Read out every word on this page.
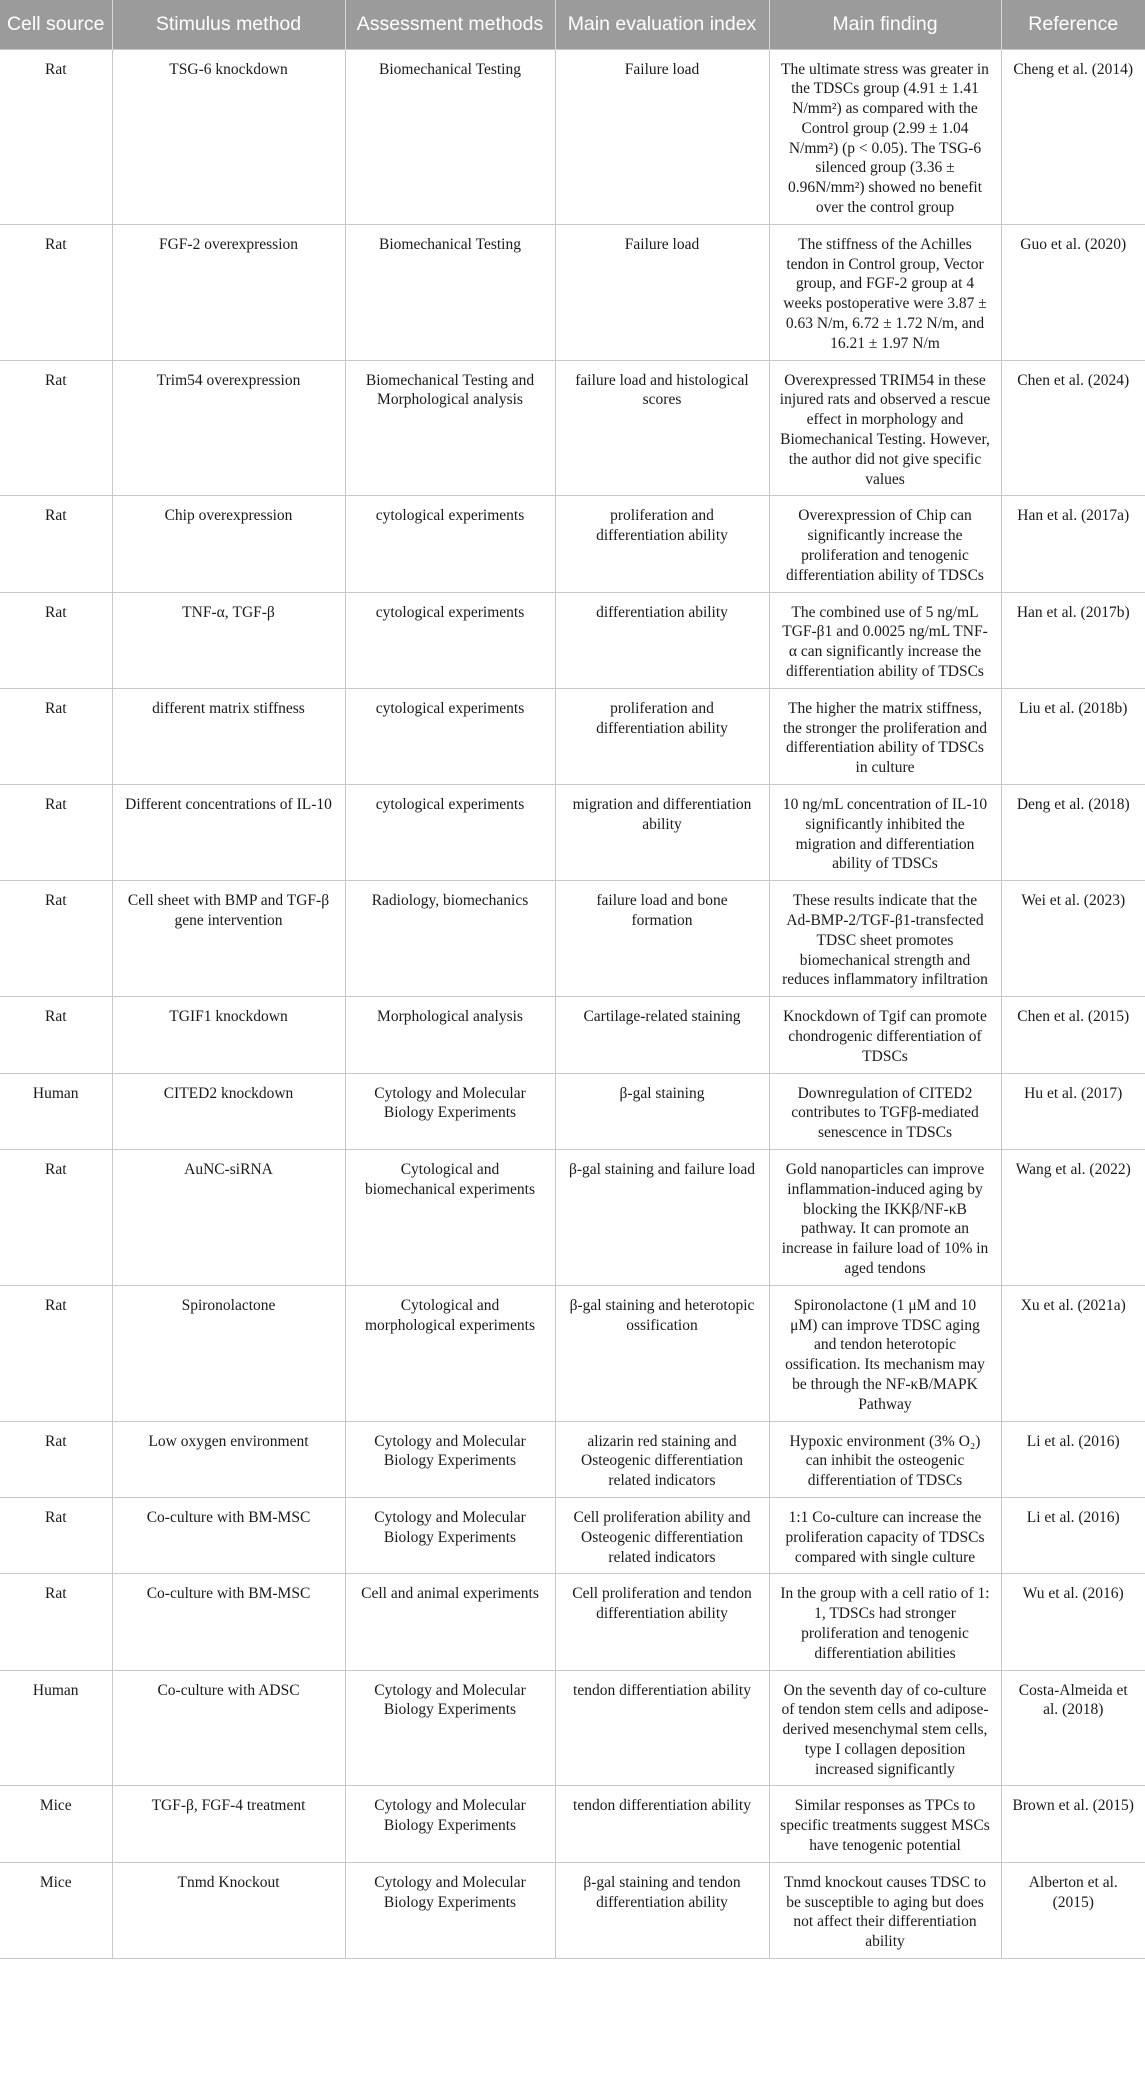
Cell source	Stimulus method	Assessment methods	Main evaluation index	Main finding	Reference
Rat	TSG-6 knockdown	Biomechanical Testing	Failure load	The ultimate stress was greater in the TDSCs group (4.91 ± 1.41 N/mm²) as compared with the Control group (2.99 ± 1.04 N/mm²) (p < 0.05). The TSG-6 silenced group (3.36 ± 0.96N/mm²) showed no benefit over the control group	Cheng et al. (2014)
Rat	FGF-2 overexpression	Biomechanical Testing	Failure load	The stiffness of the Achilles tendon in Control group, Vector group, and FGF-2 group at 4 weeks postoperative were 3.87 ± 0.63 N/m, 6.72 ± 1.72 N/m, and 16.21 ± 1.97 N/m	Guo et al. (2020)
Rat	Trim54 overexpression	Biomechanical Testing and Morphological analysis	failure load and histological scores	Overexpressed TRIM54 in these injured rats and observed a rescue effect in morphology and Biomechanical Testing. However, the author did not give specific values	Chen et al. (2024)
Rat	Chip overexpression	cytological experiments	proliferation and differentiation ability	Overexpression of Chip can significantly increase the proliferation and tenogenic differentiation ability of TDSCs	Han et al. (2017a)
Rat	TNF-α, TGF-β	cytological experiments	differentiation ability	The combined use of 5 ng/mL TGF-β1 and 0.0025 ng/mL TNF-α can significantly increase the differentiation ability of TDSCs	Han et al. (2017b)
Rat	different matrix stiffness	cytological experiments	proliferation and differentiation ability	The higher the matrix stiffness, the stronger the proliferation and differentiation ability of TDSCs in culture	Liu et al. (2018b)
Rat	Different concentrations of IL-10	cytological experiments	migration and differentiation ability	10 ng/mL concentration of IL-10 significantly inhibited the migration and differentiation ability of TDSCs	Deng et al. (2018)
Rat	Cell sheet with BMP and TGF-β gene intervention	Radiology, biomechanics	failure load and bone formation	These results indicate that the Ad-BMP-2/TGF-β1-transfected TDSC sheet promotes biomechanical strength and reduces inflammatory infiltration	Wei et al. (2023)
Rat	TGIF1 knockdown	Morphological analysis	Cartilage-related staining	Knockdown of Tgif can promote chondrogenic differentiation of TDSCs	Chen et al. (2015)
Human	CITED2 knockdown	Cytology and Molecular Biology Experiments	β-gal staining	Downregulation of CITED2 contributes to TGFβ-mediated senescence in TDSCs	Hu et al. (2017)
Rat	AuNC-siRNA	Cytological and biomechanical experiments	β-gal staining and failure load	Gold nanoparticles can improve inflammation-induced aging by blocking the IKKβ/NF-κB pathway. It can promote an increase in failure load of 10% in aged tendons	Wang et al. (2022)
Rat	Spironolactone	Cytological and morphological experiments	β-gal staining and heterotopic ossification	Spironolactone (1 μM and 10 μM) can improve TDSC aging and tendon heterotopic ossification. Its mechanism may be through the NF-κB/MAPK Pathway	Xu et al. (2021a)
Rat	Low oxygen environment	Cytology and Molecular Biology Experiments	alizarin red staining and Osteogenic differentiation related indicators	Hypoxic environment (3% O₂) can inhibit the osteogenic differentiation of TDSCs	Li et al. (2016)
Rat	Co-culture with BM-MSC	Cytology and Molecular Biology Experiments	Cell proliferation ability and Osteogenic differentiation related indicators	1:1 Co-culture can increase the proliferation capacity of TDSCs compared with single culture	Li et al. (2016)
Rat	Co-culture with BM-MSC	Cell and animal experiments	Cell proliferation and tendon differentiation ability	In the group with a cell ratio of 1: 1, TDSCs had stronger proliferation and tenogenic differentiation abilities	Wu et al. (2016)
Human	Co-culture with ADSC	Cytology and Molecular Biology Experiments	tendon differentiation ability	On the seventh day of co-culture of tendon stem cells and adipose-derived mesenchymal stem cells, type I collagen deposition increased significantly	Costa-Almeida et al. (2018)
Mice	TGF-β, FGF-4 treatment	Cytology and Molecular Biology Experiments	tendon differentiation ability	Similar responses as TPCs to specific treatments suggest MSCs have tenogenic potential	Brown et al. (2015)
Mice	Tnmd Knockout	Cytology and Molecular Biology Experiments	β-gal staining and tendon differentiation ability	Tnmd knockout causes TDSC to be susceptible to aging but does not affect their differentiation ability	Alberton et al. (2015)
